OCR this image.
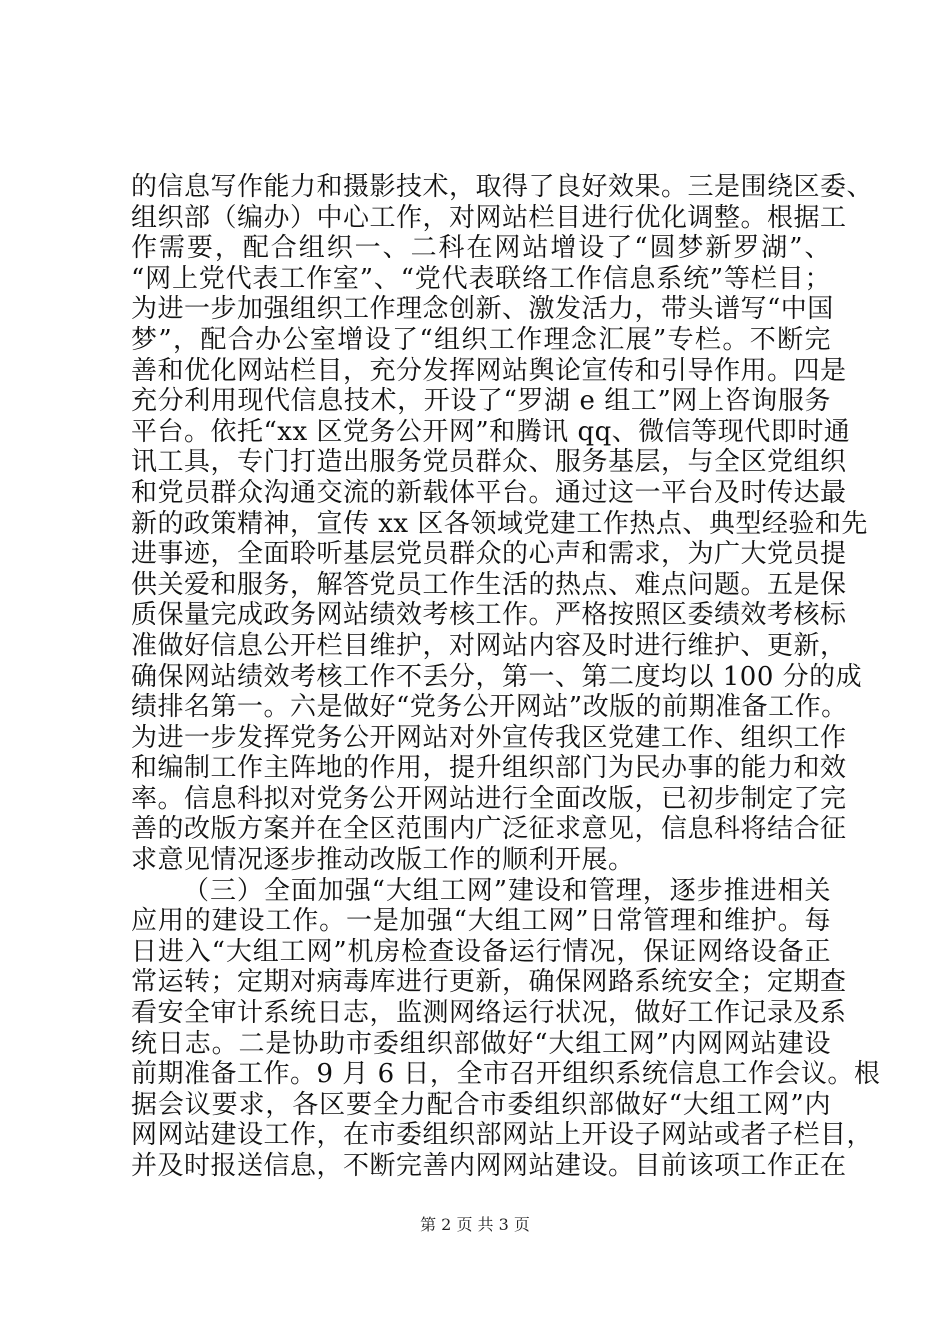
的信息写作能力和摄影技术，取得了良好效果。三是围绕区委、
组织部（编办）中心工作，对网站栏目进行优化调整。根据工
作需要，配合组织一、二科在网站增设了“圆梦新罗湖”、
“网上党代表工作室”、“党代表联络工作信息系统”等栏目；
为进一步加强组织工作理念创新、激发活力，带头谱写“中国
梦”，配合办公室增设了“组织工作理念汇展”专栏。不断完
善和优化网站栏目，充分发挥网站舆论宣传和引导作用。四是
充分利用现代信息技术，开设了“罗湖 e 组工”网上咨询服务
平台。依托“xx 区党务公开网”和腾讯 qq、微信等现代即时通
讯工具，专门打造出服务党员群众、服务基层，与全区党组织
和党员群众沟通交流的新载体平台。通过这一平台及时传达最
新的政策精神，宣传 xx 区各领域党建工作热点、典型经验和先
进事迹，全面聆听基层党员群众的心声和需求，为广大党员提
供关爱和服务，解答党员工作生活的热点、难点问题。五是保
质保量完成政务网站绩效考核工作。严格按照区委绩效考核标
准做好信息公开栏目维护，对网站内容及时进行维护、更新，
确保网站绩效考核工作不丢分，第一、第二度均以 100 分的成
绩排名第一。六是做好“党务公开网站”改版的前期准备工作。
为进一步发挥党务公开网站对外宣传我区党建工作、组织工作
和编制工作主阵地的作用，提升组织部门为民办事的能力和效
率。信息科拟对党务公开网站进行全面改版，已初步制定了完
善的改版方案并在全区范围内广泛征求意见，信息科将结合征
求意见情况逐步推动改版工作的顺利开展。
（三）全面加强“大组工网”建设和管理，逐步推进相关
应用的建设工作。一是加强“大组工网”日常管理和维护。每
日进入“大组工网”机房检查设备运行情况，保证网络设备正
常运转；定期对病毒库进行更新，确保网路系统安全；定期查
看安全审计系统日志，监测网络运行状况，做好工作记录及系
统日志。二是协助市委组织部做好“大组工网”内网网站建设
前期准备工作。9 月 6 日，全市召开组织系统信息工作会议。根
据会议要求，各区要全力配合市委组织部做好“大组工网”内
网网站建设工作，在市委组织部网站上开设子网站或者子栏目，
并及时报送信息，不断完善内网网站建设。目前该项工作正在
第 2 页 共 3 页
